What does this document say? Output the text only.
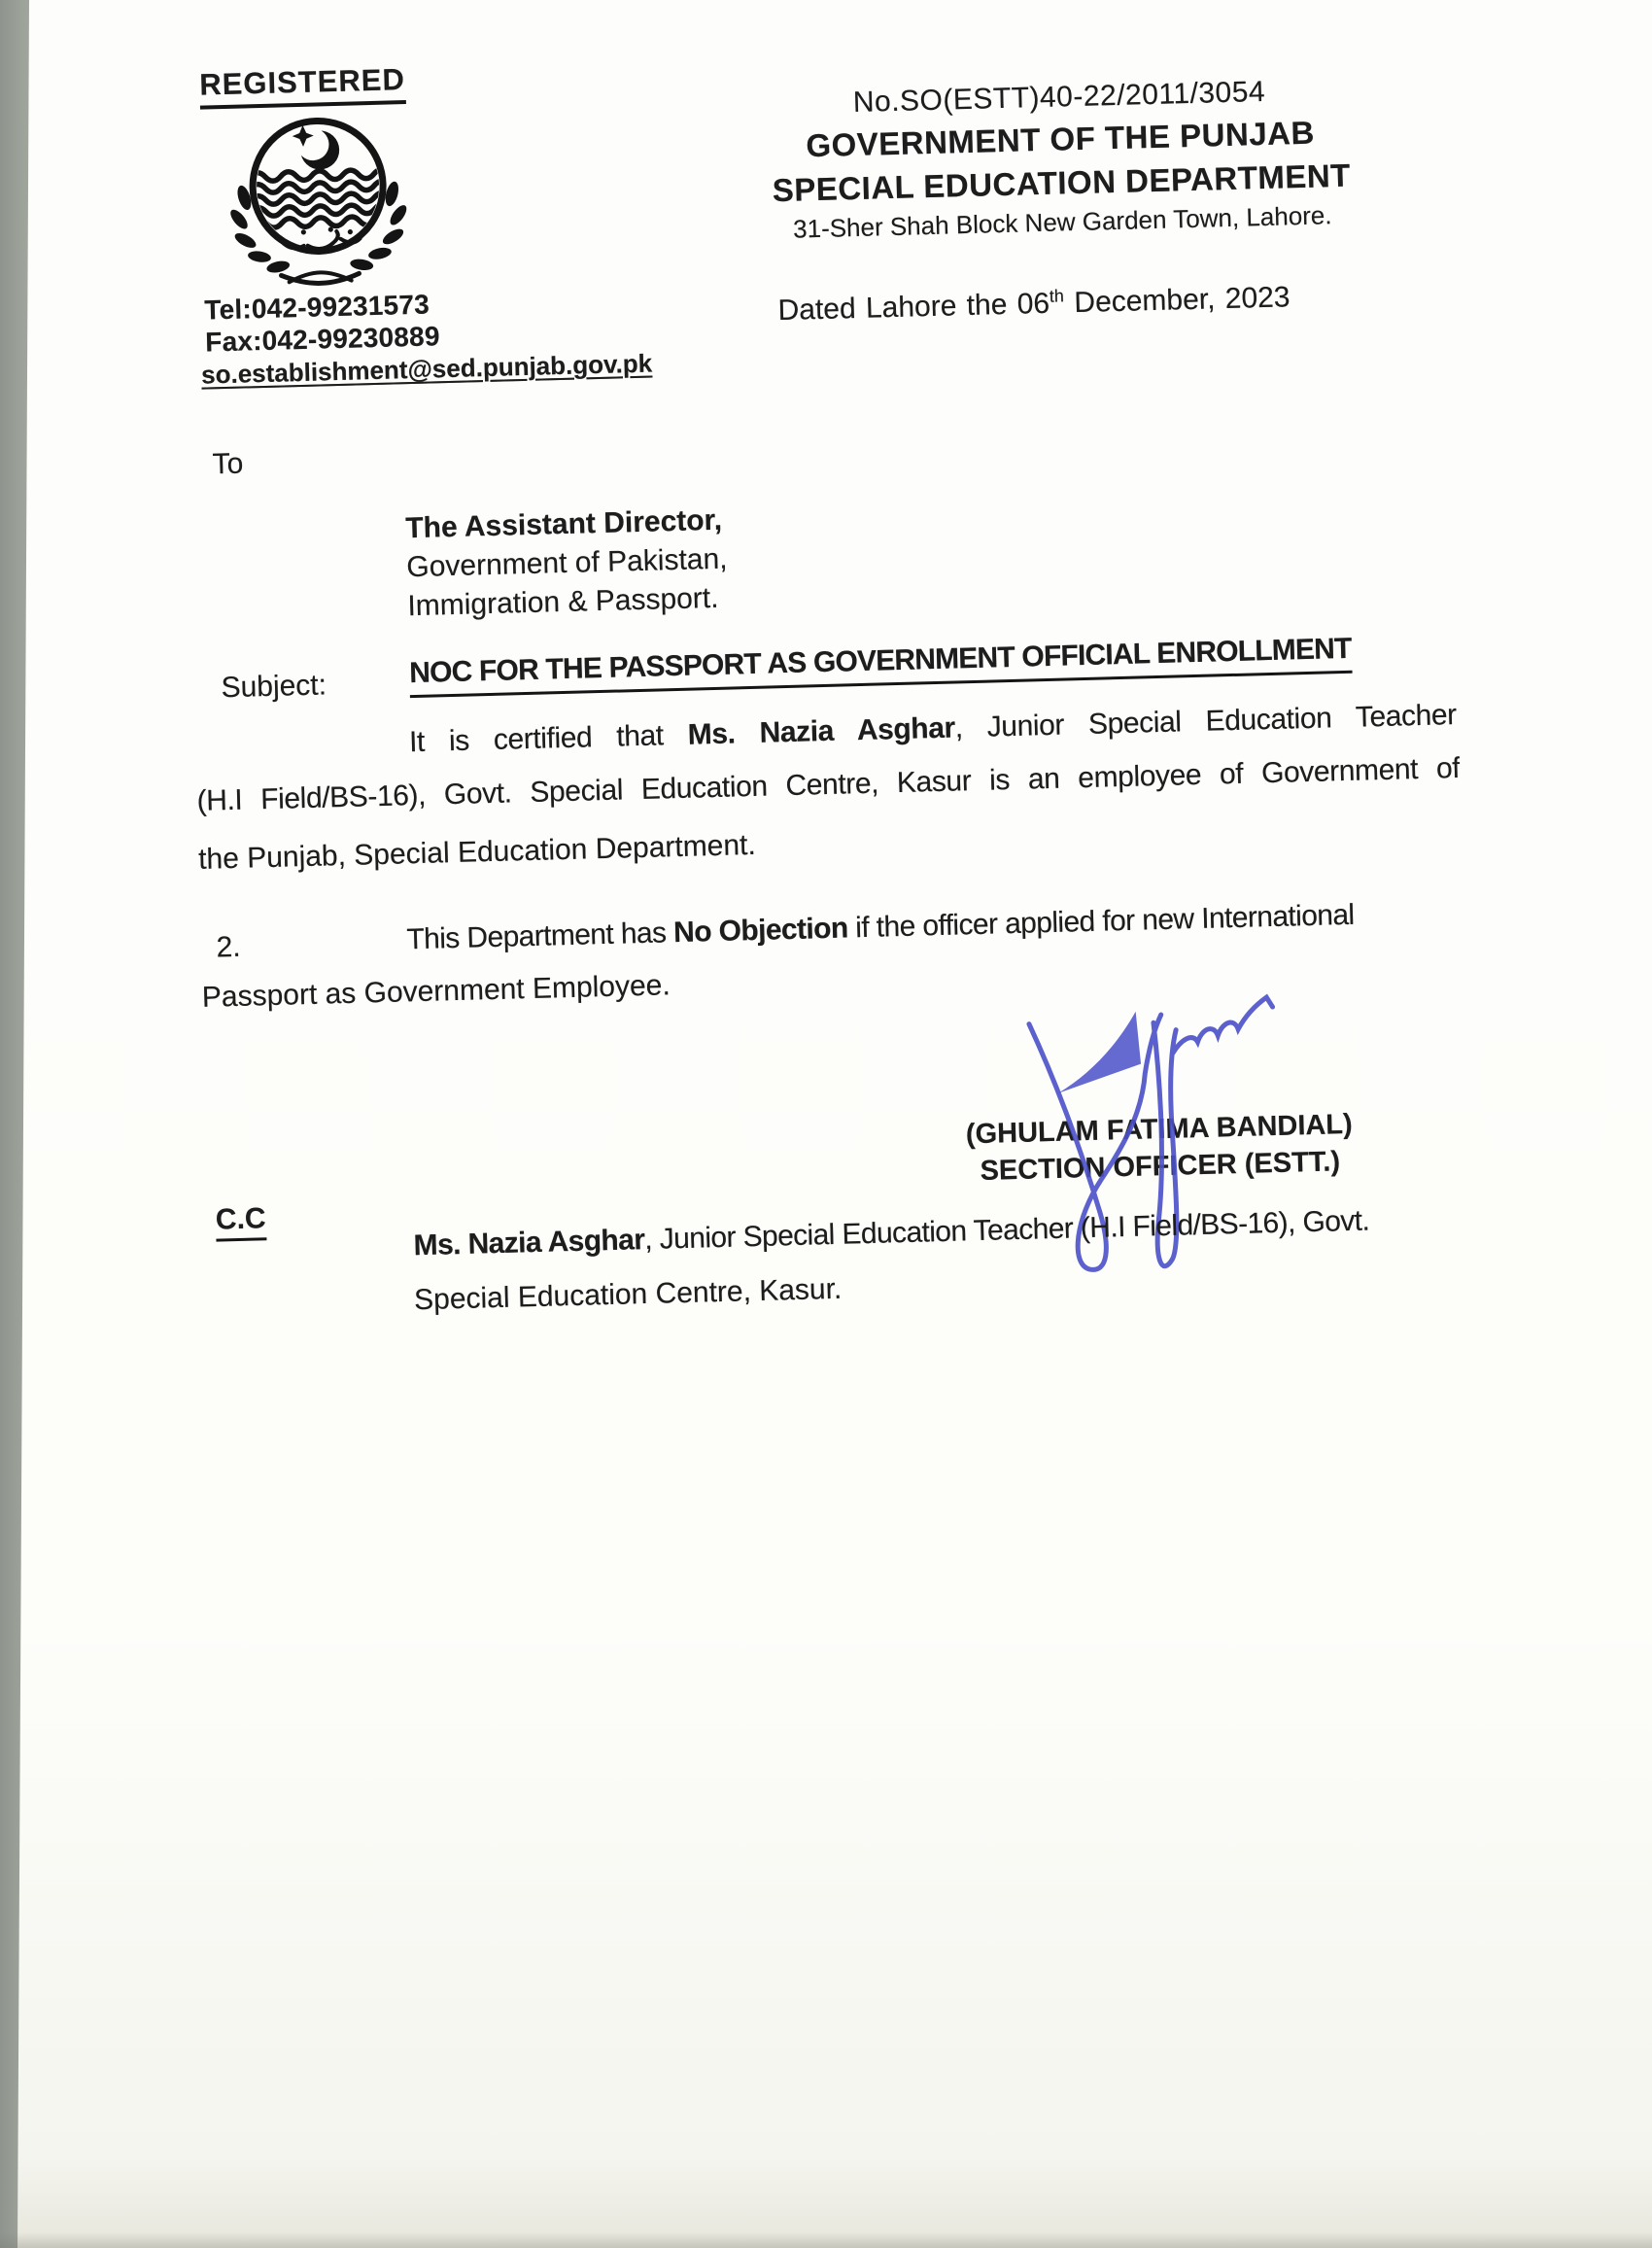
REGISTERED
Tel:042-99231573
Fax:042-99230889
so.establishment@sed.punjab.gov.pk
No.SO(ESTT)40-22/2011/3054
GOVERNMENT OF THE PUNJAB
SPECIAL EDUCATION DEPARTMENT
31-Sher Shah Block New Garden Town, Lahore.
Dated Lahore the 06th December, 2023
To
The Assistant Director,
Government of Pakistan,
Immigration & Passport.
Subject:	NOC FOR THE PASSPORT AS GOVERNMENT OFFICIAL ENROLLMENT
It is certified that Ms. Nazia Asghar, Junior Special Education Teacher
(H.I Field/BS-16), Govt. Special Education Centre, Kasur is an employee of Government of
the Punjab, Special Education Department.
2.	This Department has No Objection if the officer applied for new International
Passport as Government Employee.
(GHULAM FATIMA BANDIAL)
SECTION OFFICER (ESTT.)
C.C
Ms. Nazia Asghar, Junior Special Education Teacher (H.I Field/BS-16), Govt.
Special Education Centre, Kasur.
